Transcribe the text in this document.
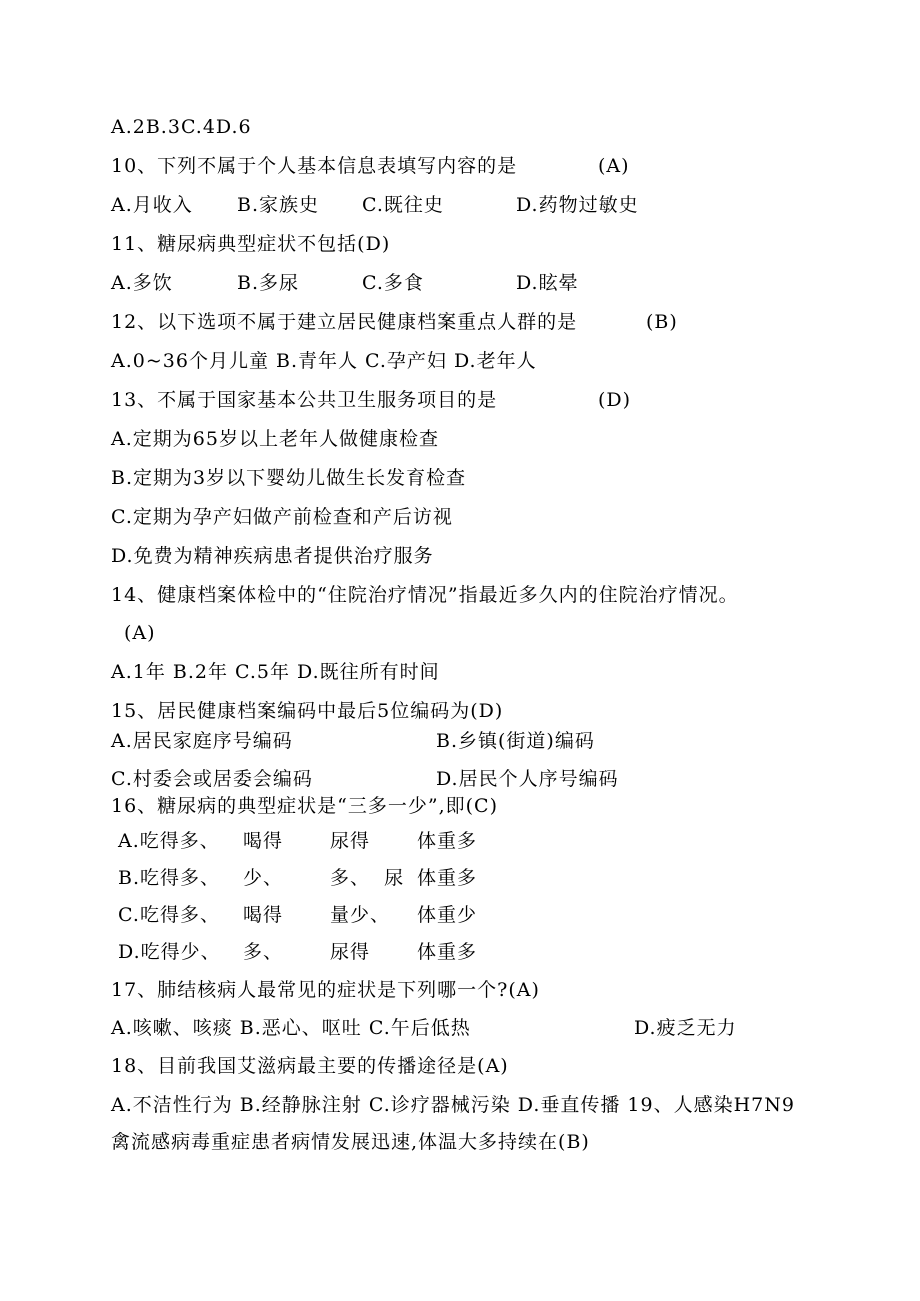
A.2B.3C.4D.6
10、下列不属于个人基本信息表填写内容的是	(A)
A.月收入 B.家族史 C.既往史	D.药物过敏史
11、糖尿病典型症状不包括(D)
A.多饮	B.多尿	C.多食	D.眩晕
12、以下选项不属于建立居民健康档案重点人群的是	(B)
A.0~36个月儿童 B.青年人 C.孕产妇 D.老年人
13、不属于国家基本公共卫生服务项目的是	(D)
A.定期为65岁以上老年人做健康检查
B.定期为3岁以下婴幼儿做生长发育检查
C.定期为孕产妇做产前检查和产后访视
D.免费为精神疾病患者提供治疗服务
14、健康档案体检中的“住院治疗情况”指最近多久内的住院治疗情况。
(A)
A.1年 B.2年 C.5年 D.既往所有时间
15、居民健康档案编码中最后5位编码为(D)
A.居民家庭序号编码	B.乡镇(街道)编码
C.村委会或居委会编码	D.居民个人序号编码
16、糖尿病的典型症状是“三多一少”,即(C)
A.吃得多、 喝得 尿得 体重多
B.吃得多、 少、 多、  尿 体重多
C.吃得多、 喝得 量少、 体重少
D.吃得少、 多、 尿得 体重多
17、肺结核病人最常见的症状是下列哪一个?(A)
A.咳嗽、咳痰 B.恶心、呕吐 C.午后低热	D.疲乏无力
18、目前我国艾滋病最主要的传播途径是(A)
A.不洁性行为 B.经静脉注射 C.诊疗器械污染 D.垂直传播 19、人感染H7N9
禽流感病毒重症患者病情发展迅速,体温大多持续在(B)
